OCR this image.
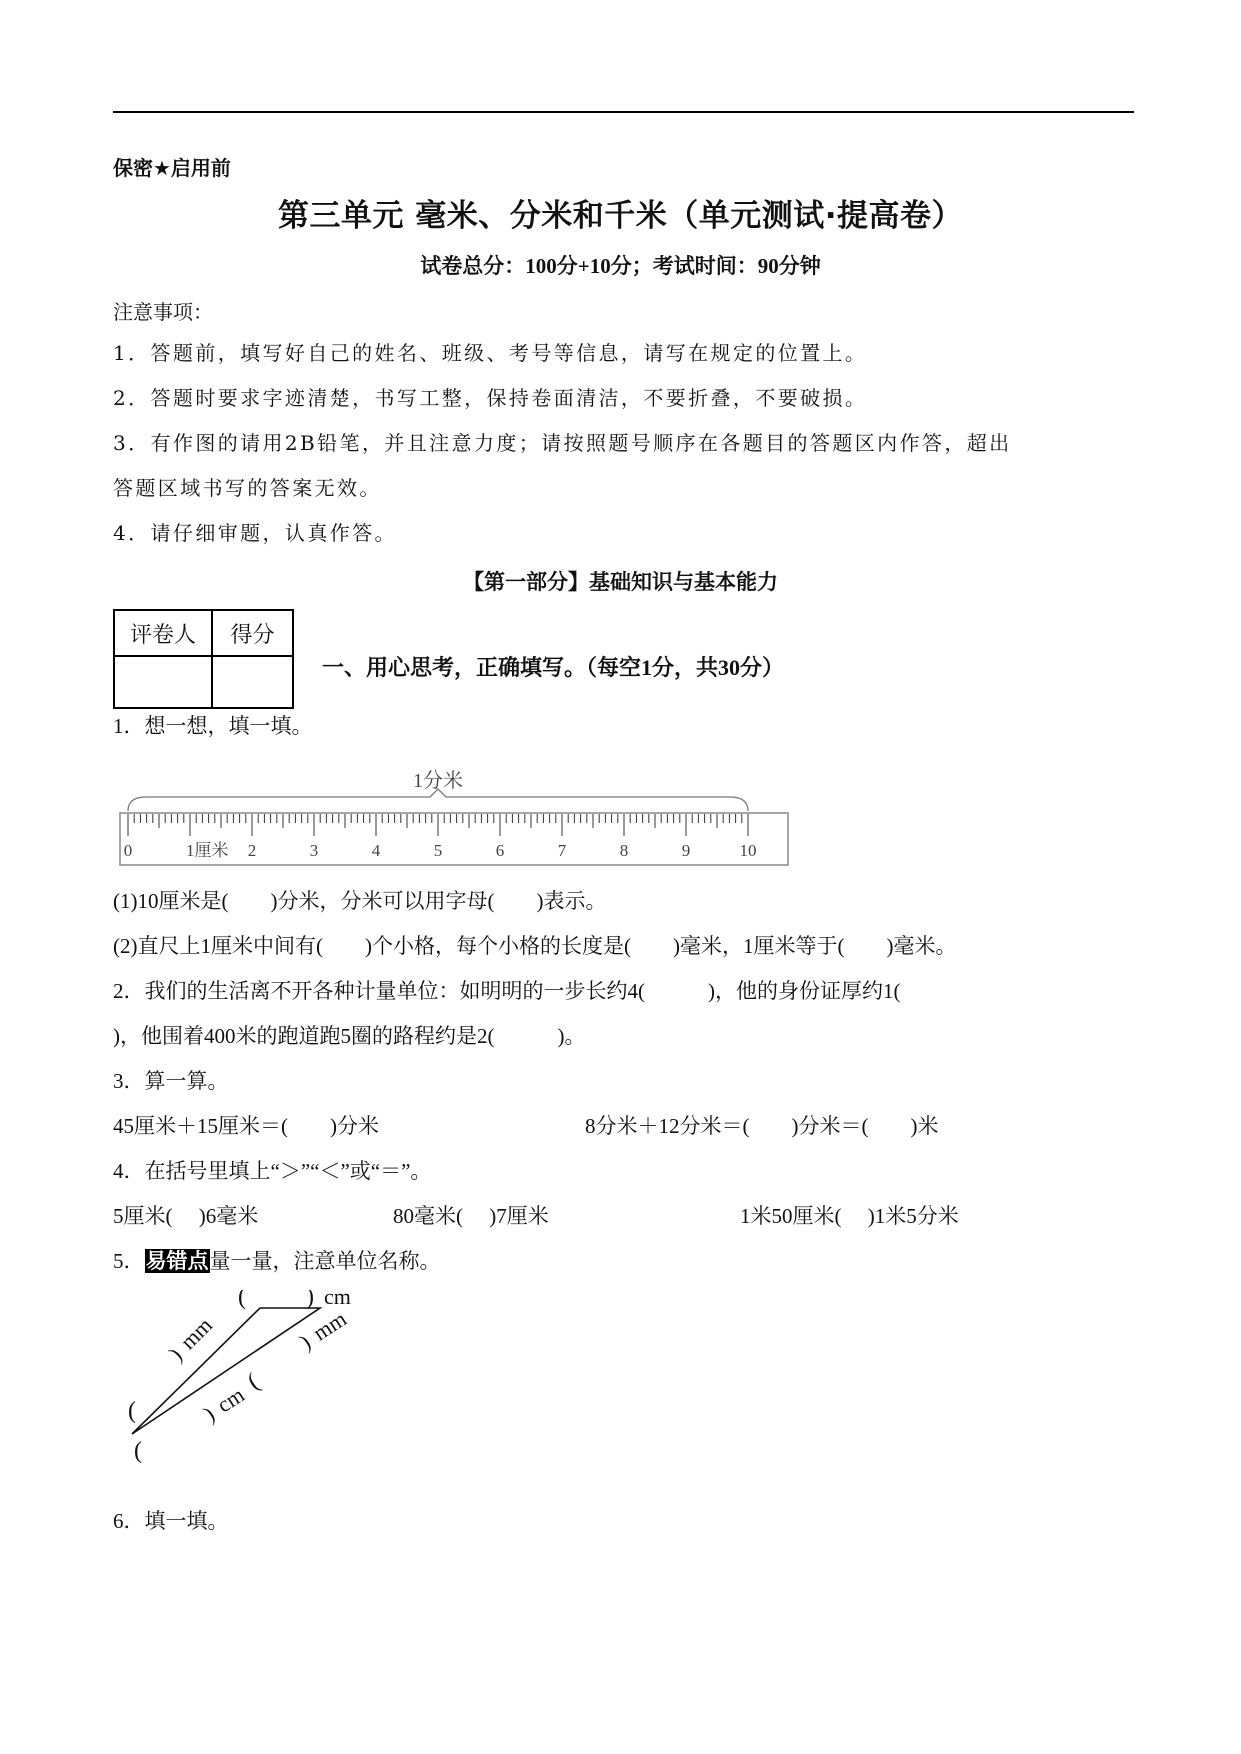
保密★启用前
第三单元 毫米、分米和千米（单元测试·提高卷）
试卷总分：100分+10分；考试时间：90分钟
注意事项：
1．答题前，填写好自己的姓名、班级、考号等信息，请写在规定的位置上。
2．答题时要求字迹清楚，书写工整，保持卷面清洁，不要折叠，不要破损。
3．有作图的请用2B铅笔，并且注意力度；请按照题号顺序在各题目的答题区内作答，超出
答题区域书写的答案无效。
4．请仔细审题，认真作答。
【第一部分】基础知识与基本能力
评卷人	得分

一、用心思考，正确填写。（每空1分，共30分）
1．想一想，填一填。
1分米
0	1厘米 2	3	4	5	6	7	8	9	10
(1)10厘米是(　　)分米，分米可以用字母(　　)表示。
(2)直尺上1厘米中间有(　　)个小格，每个小格的长度是(　　)毫米，1厘米等于(　　)毫米。
2．我们的生活离不开各种计量单位：如明明的一步长约4(　　　)，他的身份证厚约1(
)，他围着400米的跑道跑5圈的路程约是2(　　　)。
3．算一算。
45厘米＋15厘米＝(　　)分米	8分米＋12分米＝(　　)分米＝(　　)米
4．在括号里填上“＞”“＜”或“＝”。
5厘米(　 )6毫米	80毫米(　 )7厘米	1米50厘米(　 )1米5分米
5．易错点量一量，注意单位名称。
(	) cm
)
mm
(
)
mm
)
cm
(
(
6．填一填。
